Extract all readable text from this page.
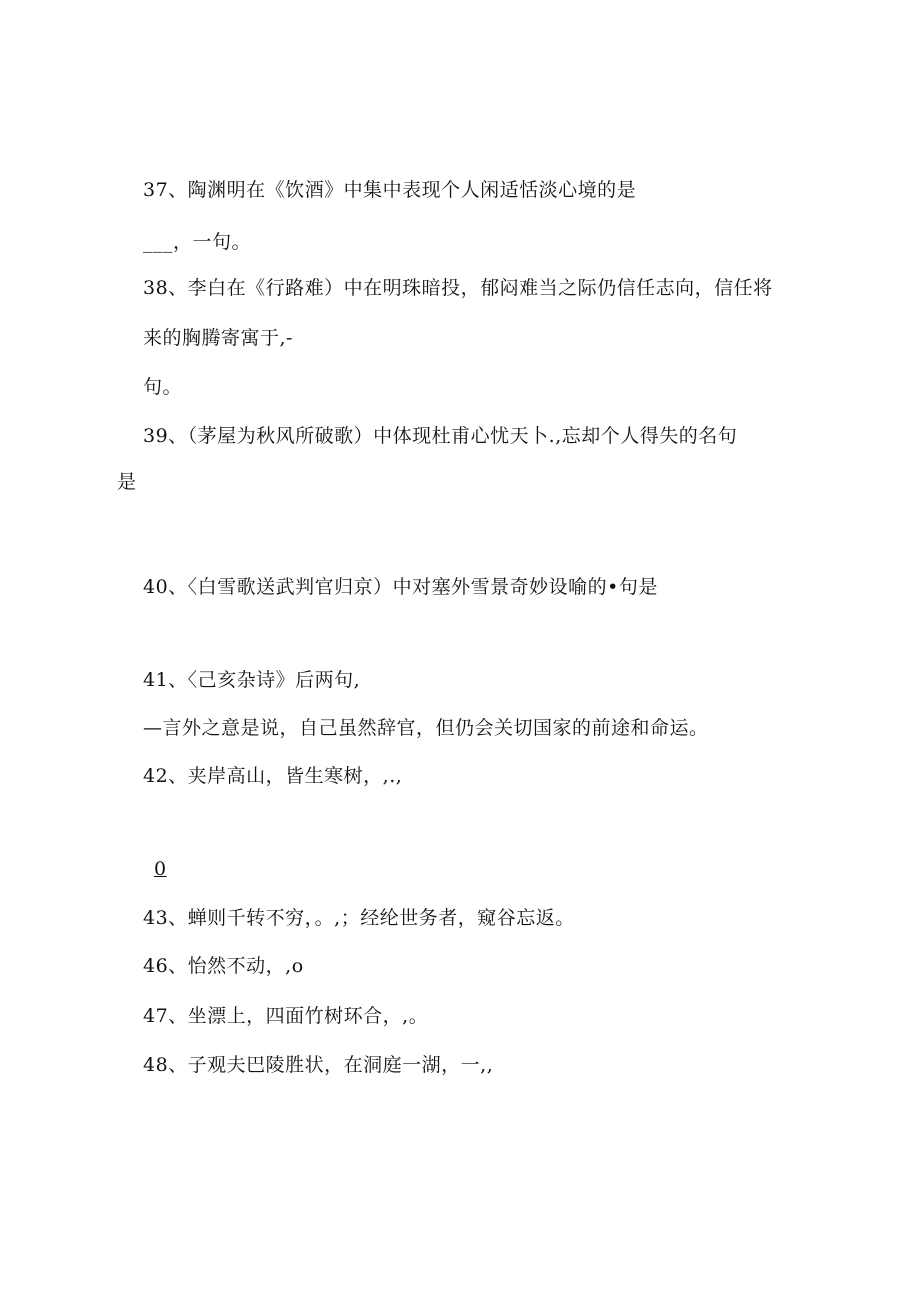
37、陶渊明在《饮酒》中集中表现个人闲适恬淡心境的是
___，一句。
38、李白在《行路难）中在明珠暗投，郁闷难当之际仍信任志向，信任将
来的胸腾寄寓于,-
句。
39、（茅屋为秋风所破歌）中体现杜甫心忧天卜.,忘却个人得失的名句
是
40、〈白雪歌送武判官归京）中对塞外雪景奇妙设喻的•句是
41、〈己亥杂诗》后两句,
—言外之意是说，自己虽然辞官，但仍会关切国家的前途和命运。
42、夹岸高山，皆生寒树，,.,
0
43、蝉则千转不穷，。,；经纶世务者，窥谷忘返。
46、怡然不动，,o
47、坐漂上，四面竹树环合，,。
48、子观夫巴陵胜状，在洞庭一湖，一,,
